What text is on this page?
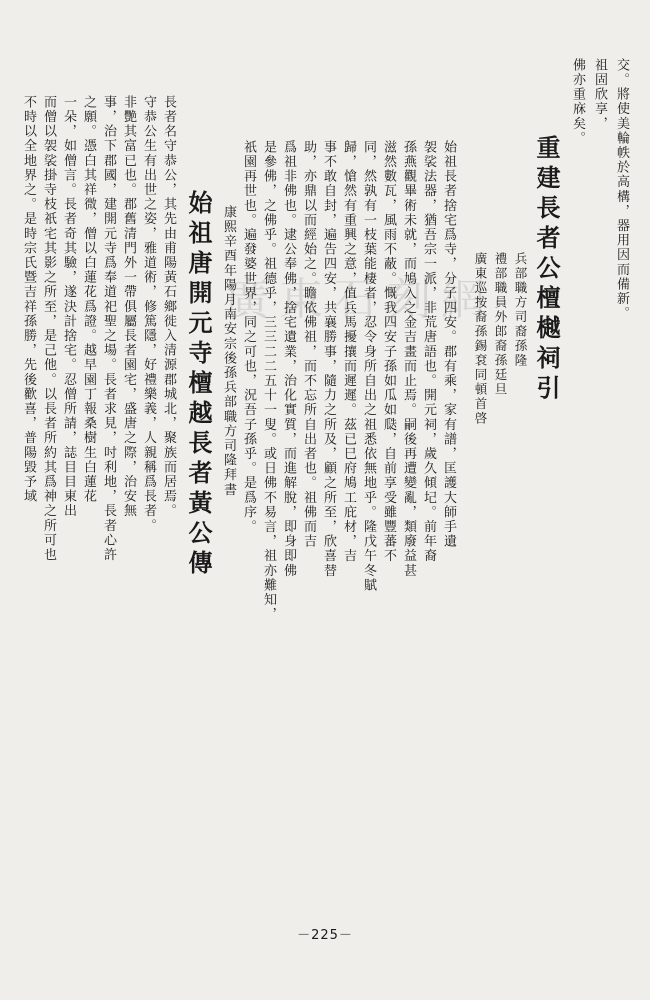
廣東石刻網	交。將使美輪帙於高構，器用因而備新。
祖固欣享，
佛亦重庥矣。
重建長者公檀樾祠引
兵部職方司裔孫隆
禮部職員外郎裔孫廷旦
廣東巡按裔孫錫袞同頓首啓
始祖長者捨宅爲寺，分子四安。郡有乘，家有譜，匡護大師手遺
袈裟法器，猶吾宗一派，非荒唐語也。開元祠，歲久傾圮。前年裔
孫燕觀畢術未就，而鳩入之金吉畫而止焉。嗣後再遭變亂，類廢益甚
滋然數瓦，風雨不蔽。慨我四安子孫如瓜如瓞，自前享受雖豐蕃不
同，然孰有一枝葉能棲者，忍令身所自出之祖悉依無地乎。隆戊午冬賦
歸，愴然有重興之意，值兵馬擾攘而遲遲。茲已巳府鳩工庇材，吉
事不敢自封，遍告四安，共襄勝事，隨力之所及，顧之所至，欣喜替
助，亦鼎以而經始之。瞻依佛祖，而不忘所自出者也。祖佛而吉
爲祖非佛也。逮公奉佛，捨宅遺業，治化實質，而進解脫，即身即佛
是參佛，之佛乎。祖德乎，三三二二五十一叟。或日佛不易言，祖亦難知，
祇園再世也。遍發婆世界，同之可也，況吾子孫乎。是爲序。
康熙辛酉年陽月南安宗後孫兵部職方司隆拜書
始祖唐開元寺檀越長者黃公傳
長者名守恭公，其先由甫陽黃石鄉徙入清源郡城北，聚族而居焉。
守恭公生有出世之姿，雅道術，修篤隱，好禮樂義，人親稱爲長者。
非艷其富已也。郡舊清門外一帶俱屬長者園宅，盛唐之際，治安無
事，治下郡國，建開元寺爲奉道祀聖之場。長者求見，吋利地，長者心許
之願。憑白其祥微，僧以白蓮花爲證。越早園丁報桑樹生白蓮花
一朵，如僧言。長者奇其驗，遂決計捨宅。忍僧所請，誌目目東出
而僧以袈裟掛寺枝祇宅其影之所至，是己他。以長者所約其爲神之所可也
不時以全地界之。是時宗氏暨吉祥孫勝，先後歡喜，普陽毀予域
－225－
